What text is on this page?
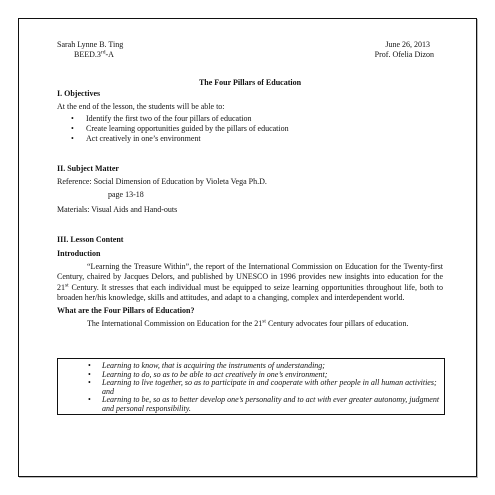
Sarah Lynne B. Ting	June 26, 2013
BEED.3rd-A	Prof. Ofelia Dizon
The Four Pillars of Education
I. Objectives
At the end of the lesson, the students will be able to:
• Identify the first two of the four pillars of education
• Create learning opportunities guided by the pillars of education
• Act creatively in one’s environment
II. Subject Matter
Reference: Social Dimension of Education by Violeta Vega Ph.D.
page 13-18
Materials: Visual Aids and Hand-outs
III. Lesson Content
Introduction
“Learning the Treasure Within”, the report of the International Commission on Education for the Twenty-first Century, chaired by Jacques Delors, and published by UNESCO in 1996 provides new insights into education for the 21st Century. It stresses that each individual must be equipped to seize learning opportunities throughout life, both to broaden her/his knowledge, skills and attitudes, and adapt to a changing, complex and interdependent world.
What are the Four Pillars of Education?
The International Commission on Education for the 21st Century advocates four pillars of education.
• Learning to know, that is acquiring the instruments of understanding;
• Learning to do, so as to be able to act creatively in one’s environment;
• Learning to live together, so as to participate in and cooperate with other people in all human activities; and
• Learning to be, so as to better develop one’s personality and to act with ever greater autonomy, judgment and personal responsibility.
